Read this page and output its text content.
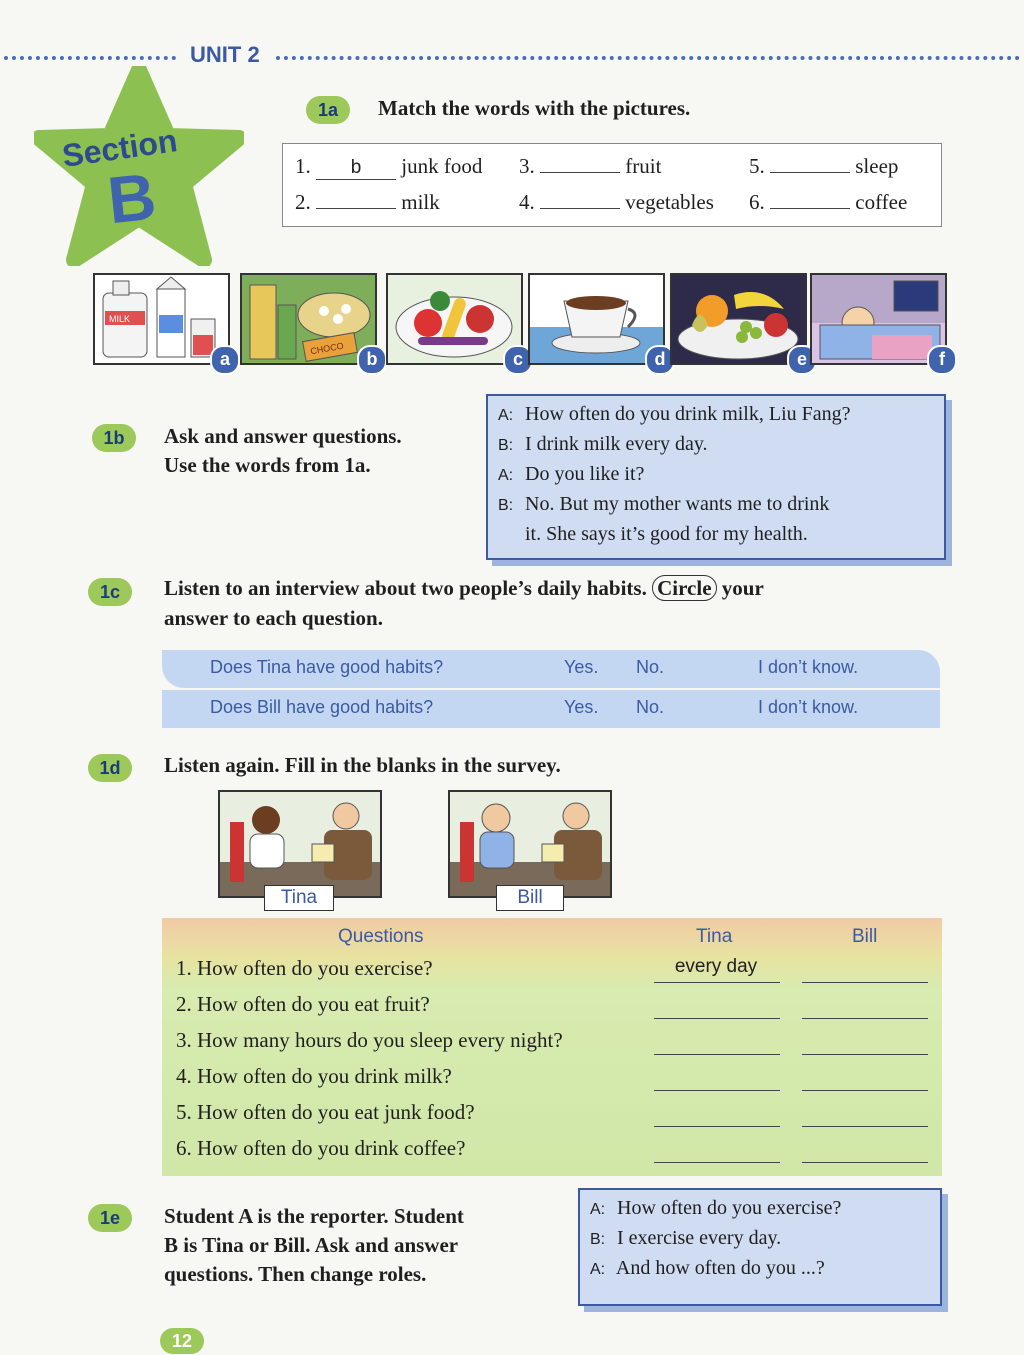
UNIT 2
Section
B
1a	Match the words with the pictures.
1. b junk food
2.	milk
3.	fruit
4.	vegetables
5.	sleep
6.	coffee
MILK
a
CHOCO
b	c	d	e	f
1b	Ask and answer questions.
Use the words from 1a.
A: How often do you drink milk, Liu Fang?
B: I drink milk every day.
A: Do you like it?
B: No. But my mother wants me to drink
it. She says it’s good for my health.
1c	Listen to an interview about two people’s daily habits. Circle your
answer to each question.
Does Tina have good habits?	Yes. No.	I don’t know.
Does Bill have good habits?	Yes. No.	I don’t know.
1d	Listen again. Fill in the blanks in the survey.
Tina	Bill
Questions	Tina	Bill
1. How often do you exercise?	every day
2. How often do you eat fruit?
3. How many hours do you sleep every night?
4. How often do you drink milk?
5. How often do you eat junk food?
6. How often do you drink coffee?
1e	Student A is the reporter. Student
B is Tina or Bill. Ask and answer
questions. Then change roles.
A: How often do you exercise?
B: I exercise every day.
A: And how often do you ...?
12
